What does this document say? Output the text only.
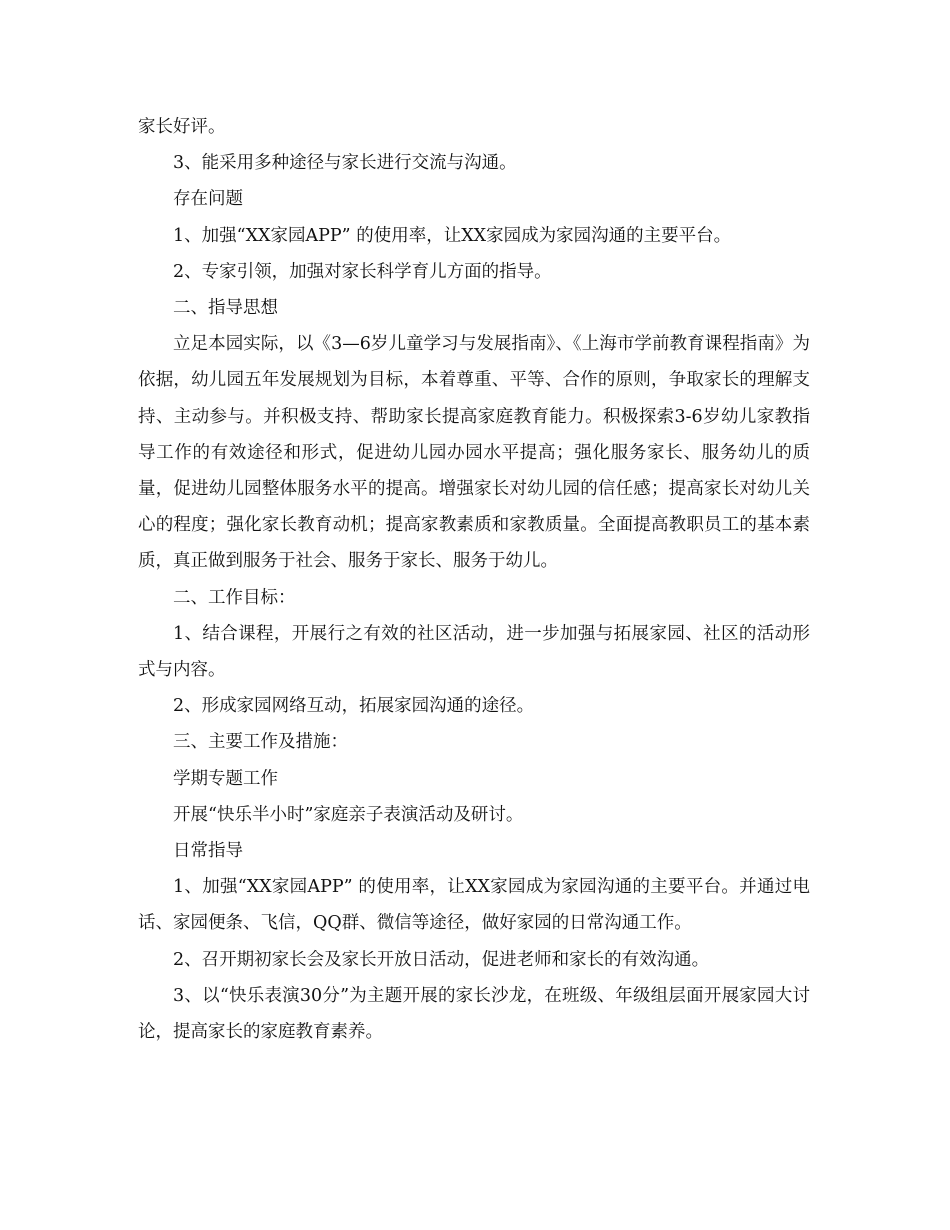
家长好评。

3、能采用多种途径与家长进行交流与沟通。

存在问题

1、加强“XX家园APP” 的使用率，让XX家园成为家园沟通的主要平台。

2、专家引领，加强对家长科学育儿方面的指导。

二、指导思想

立足本园实际，以《3—6岁儿童学习与发展指南》、《上海市学前教育课程指南》为依据，幼儿园五年发展规划为目标，本着尊重、平等、合作的原则，争取家长的理解支持、主动参与。并积极支持、帮助家长提高家庭教育能力。积极探索3-6岁幼儿家教指导工作的有效途径和形式，促进幼儿园办园水平提高；强化服务家长、服务幼儿的质量，促进幼儿园整体服务水平的提高。增强家长对幼儿园的信任感；提高家长对幼儿关心的程度；强化家长教育动机；提高家教素质和家教质量。全面提高教职员工的基本素质，真正做到服务于社会、服务于家长、服务于幼儿。

二、工作目标：

1、结合课程，开展行之有效的社区活动，进一步加强与拓展家园、社区的活动形式与内容。

2、形成家园网络互动，拓展家园沟通的途径。

三、主要工作及措施：

学期专题工作

开展“快乐半小时”家庭亲子表演活动及研讨。

日常指导

1、加强“XX家园APP” 的使用率，让XX家园成为家园沟通的主要平台。并通过电话、家园便条、飞信，QQ群、微信等途径，做好家园的日常沟通工作。

2、召开期初家长会及家长开放日活动，促进老师和家长的有效沟通。

3、以“快乐表演30分”为主题开展的家长沙龙，在班级、年级组层面开展家园大讨论，提高家长的家庭教育素养。
